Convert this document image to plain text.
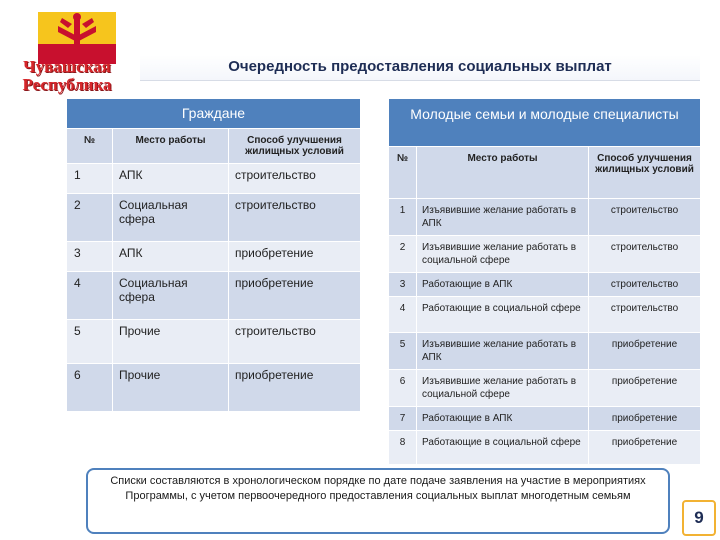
Чувашская
Республика
Очередность предоставления социальных выплат
Граждане		
№	Место работы	Способ улучшения жилищных условий
1	АПК	строительство
2	Социальная сфера	строительство
3	АПК	приобретение
4	Социальная сфера	приобретение
5	Прочие	строительство
6	Прочие	приобретение
Молодые семьи и молодые специалисты		
№	Место работы	Способ улучшения жилищных условий
1	Изъявившие желание работать в АПК	строительство
2	Изъявившие желание работать в социальной сфере	строительство
3	Работающие в АПК	строительство
4	Работающие в социальной сфере	строительство
5	Изъявившие желание работать в АПК	приобретение
6	Изъявившие желание работать в социальной сфере	приобретение
7	Работающие в АПК	приобретение
8	Работающие в социальной сфере	приобретение
Списки составляются в хронологическом порядке по дате подаче заявления на участие в мероприятиях Программы, с учетом первоочередного предоставления социальных выплат многодетным семьям
9
